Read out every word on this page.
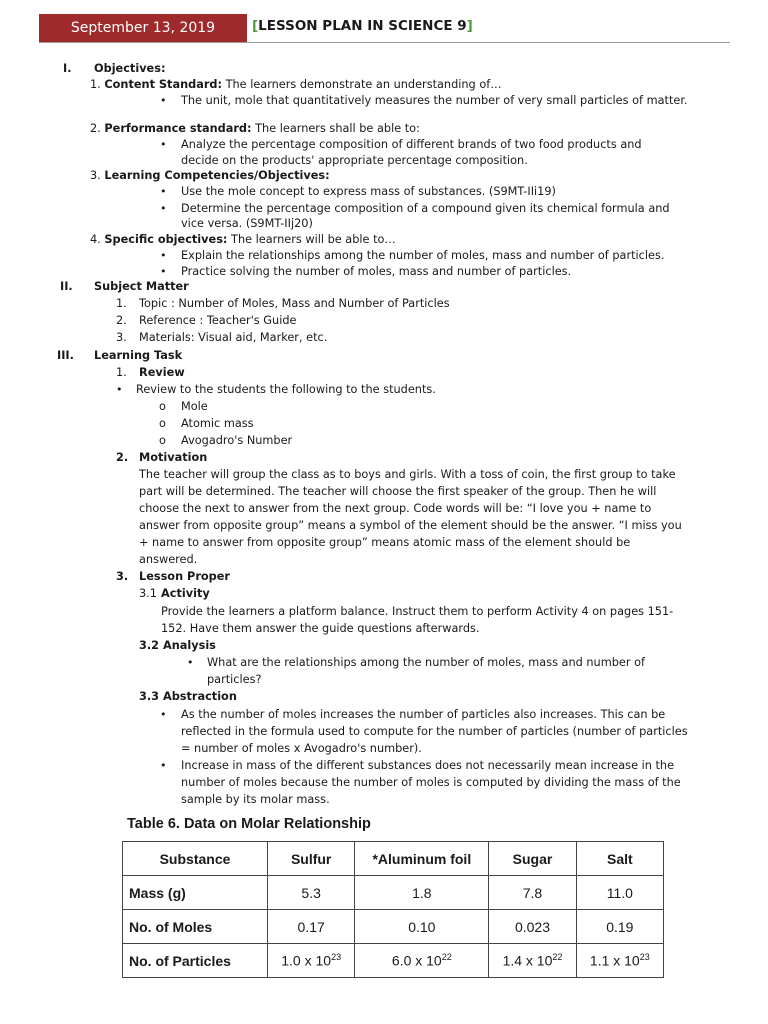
September 13, 2019	[LESSON PLAN IN SCIENCE 9]
I. Objectives:
1. Content Standard: The learners demonstrate an understanding of…
• The unit, mole that quantitatively measures the number of very small particles of matter.
2. Performance standard: The learners shall be able to:
• Analyze the percentage composition of different brands of two food products and
decide on the products' appropriate percentage composition.
3. Learning Competencies/Objectives:
• Use the mole concept to express mass of substances. (S9MT-IIi19)
• Determine the percentage composition of a compound given its chemical formula and
vice versa. (S9MT-IIj20)
4. Specific objectives: The learners will be able to…
• Explain the relationships among the number of moles, mass and number of particles.
• Practice solving the number of moles, mass and number of particles.
II. Subject Matter
1. Topic : Number of Moles, Mass and Number of Particles
2. Reference : Teacher's Guide
3. Materials: Visual aid, Marker, etc.
III. Learning Task
1. Review
• Review to the students the following to the students.
o Mole
o Atomic mass
o Avogadro's Number
2. Motivation
The teacher will group the class as to boys and girls. With a toss of coin, the first group to take
part will be determined. The teacher will choose the first speaker of the group. Then he will
choose the next to answer from the next group. Code words will be: “I love you + name to
answer from opposite group” means a symbol of the element should be the answer. “I miss you
+ name to answer from opposite group” means atomic mass of the element should be
answered.
3. Lesson Proper
3.1 Activity
Provide the learners a platform balance. Instruct them to perform Activity 4 on pages 151-
152. Have them answer the guide questions afterwards.
3.2 Analysis
• What are the relationships among the number of moles, mass and number of
particles?
3.3 Abstraction
• As the number of moles increases the number of particles also increases. This can be
reflected in the formula used to compute for the number of particles (number of particles
= number of moles x Avogadro's number).
• Increase in mass of the different substances does not necessarily mean increase in the
number of moles because the number of moles is computed by dividing the mass of the
sample by its molar mass.
Table 6. Data on Molar Relationship
Substance	Sulfur	*Aluminum foil	Sugar	Salt
Mass (g)	5.3	1.8	7.8	11.0
No. of Moles	0.17	0.10	0.023	0.19
No. of Particles	1.0 x $10^{23}$	6.0 x $10^{22}$	1.4 x $10^{22}$	1.1 x $10^{23}$
